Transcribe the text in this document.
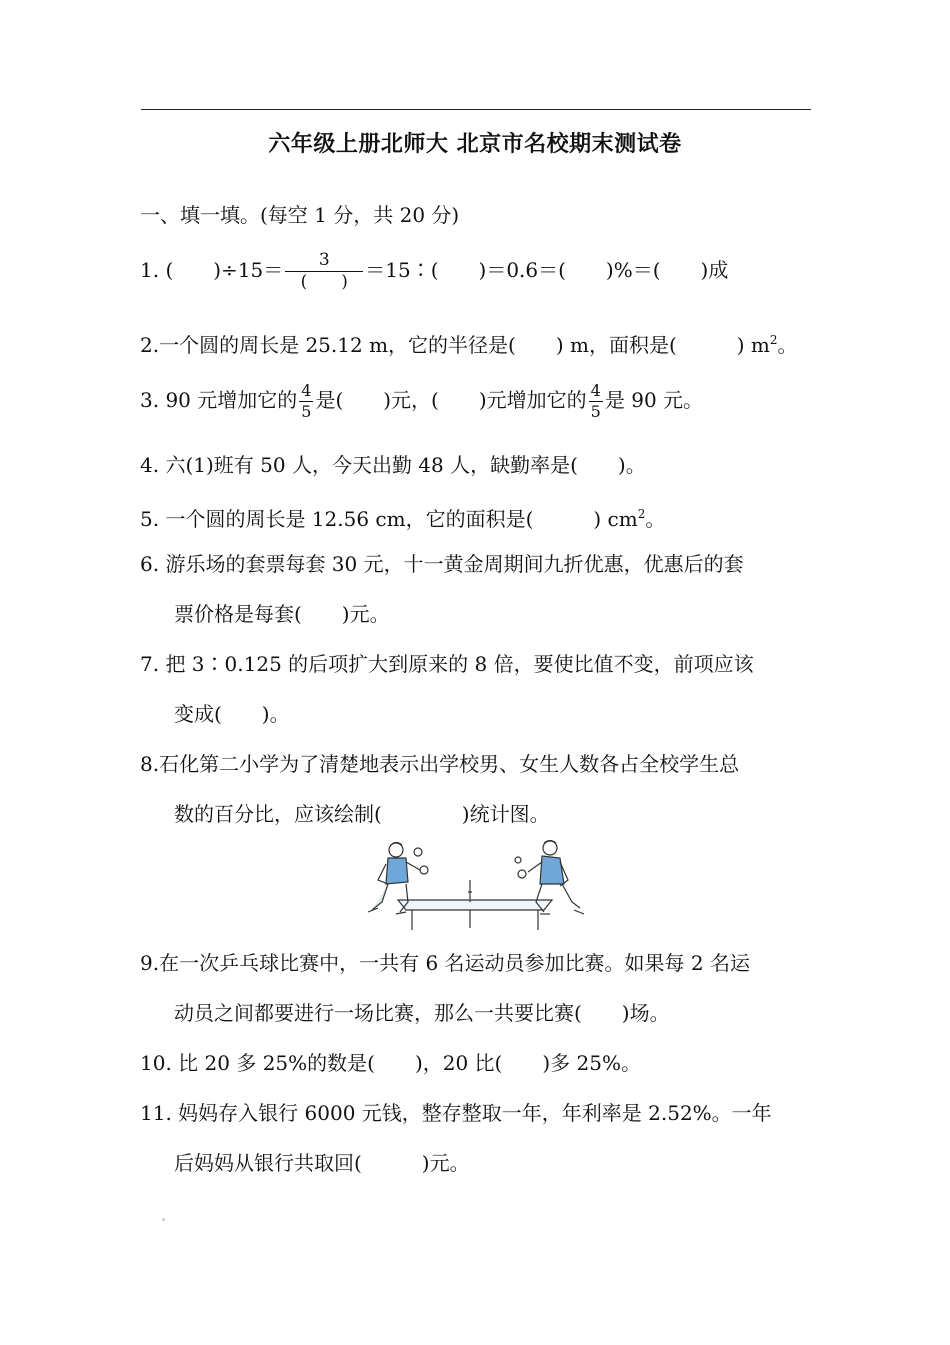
六年级上册北师大 北京市名校期末测试卷
一、填一填。(每空 1 分，共 20 分)
1. (　　)$\div 15= \frac{3}{( )}$ ＝15∶(　　)＝0.6＝(　　)%＝(　　)成
2.一个圆的周长是 25.12 m，它的半径是(　　) m，面积是(　　　) $m^2$。
3. 90 元增加它的 $\frac{4}{5}$ 是(　　)元，(　　)元增加它的 $\frac{4}{5}$ 是 90 元。
4. 六(1)班有 50 人，今天出勤 48 人，缺勤率是(　　)。
5. 一个圆的周长是 12.56 cm，它的面积是(　　　) $cm^2$。
6. 游乐场的套票每套 30 元，十一黄金周期间九折优惠，优惠后的套
票价格是每套(　　)元。
7. 把 3∶0.125 的后项扩大到原来的 8 倍，要使比值不变，前项应该
变成(　　)。
8.石化第二小学为了清楚地表示出学校男、女生人数各占全校学生总
数的百分比，应该绘制(　　　　)统计图。
9.在一次乒乓球比赛中，一共有 6 名运动员参加比赛。如果每 2 名运
动员之间都要进行一场比赛，那么一共要比赛(　　)场。
10. 比 20 多 25%的数是(　　)，20 比(　　)多 25%。
11. 妈妈存入银行 6000 元钱，整存整取一年，年利率是 2.52%。一年
后妈妈从银行共取回(　　　)元。
